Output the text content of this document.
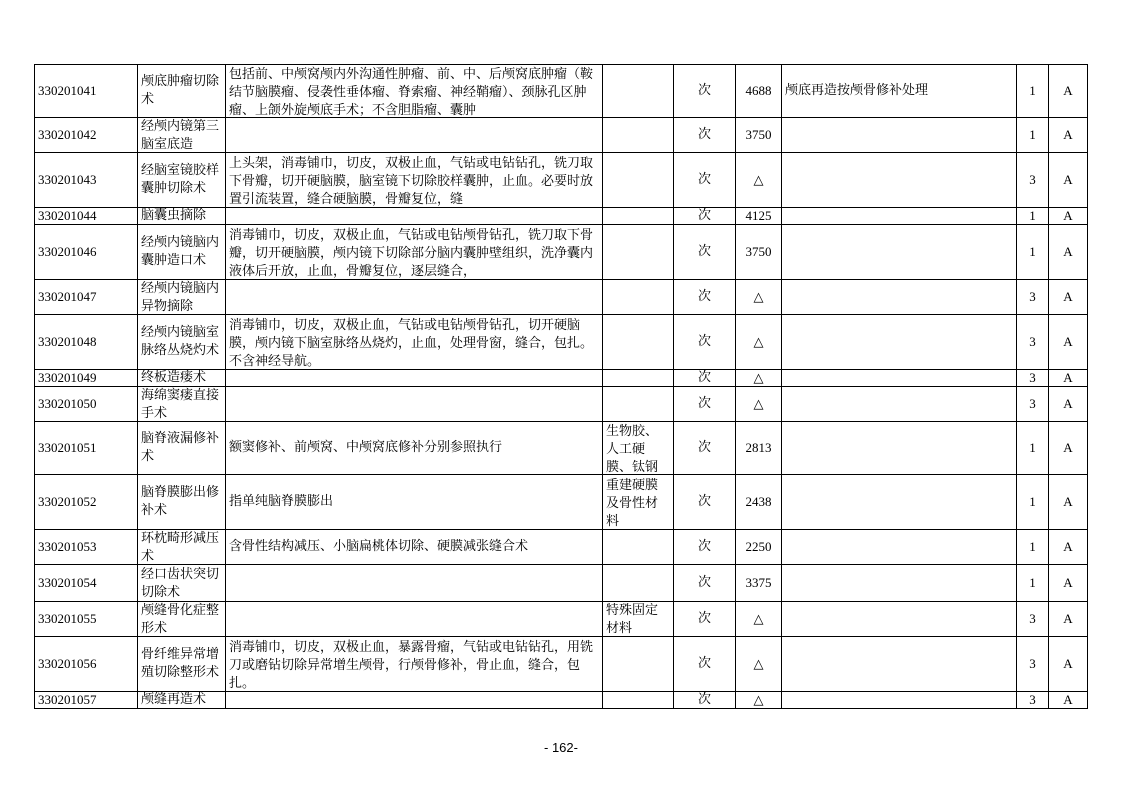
330201041	颅底肿瘤切除术	包括前、中颅窝颅内外沟通性肿瘤、前、中、后颅窝底肿瘤（鞍结节脑膜瘤、侵袭性垂体瘤、脊索瘤、神经鞘瘤）、颈脉孔区肿瘤、上颌外旋颅底手术；不含胆脂瘤、囊肿		次	4688	颅底再造按颅骨修补处理	1	A

330201042	经颅内镜第三脑室底造			次	3750		1	A

330201043	经脑室镜胶样囊肿切除术	上头架，消毒铺巾，切皮，双极止血，气钻或电钻钻孔，铣刀取下骨瓣，切开硬脑膜，脑室镜下切除胶样囊肿，止血。必要时放置引流装置，缝合硬脑膜，骨瓣复位，缝		次	△		3	A

330201044	脑囊虫摘除			次	4125		1	A

330201046	经颅内镜脑内囊肿造口术	消毒铺巾，切皮，双极止血，气钻或电钻颅骨钻孔，铣刀取下骨瓣，切开硬脑膜，颅内镜下切除部分脑内囊肿壁组织，洗净囊内液体后开放，止血，骨瓣复位，逐层缝合，		次	3750		1	A

330201047	经颅内镜脑内异物摘除			次	△		3	A

330201048	经颅内镜脑室脉络丛烧灼术	消毒铺巾，切皮，双极止血，气钻或电钻颅骨钻孔，切开硬脑膜，颅内镜下脑室脉络丛烧灼，止血，处理骨窗，缝合，包扎。不含神经导航。		次	△		3	A

330201049	终板造瘘术			次	△		3	A

330201050	海绵窦瘘直接手术			次	△		3	A

330201051	脑脊液漏修补术	额窦修补、前颅窝、中颅窝底修补分别参照执行	生物胶、人工硬膜、钛钢	次	2813		1	A

330201052	脑脊膜膨出修补术	指单纯脑脊膜膨出	重建硬膜及骨性材料	次	2438		1	A

330201053	环枕畸形减压术	含骨性结构减压、小脑扁桃体切除、硬膜减张缝合术		次	2250		1	A

330201054	经口齿状突切切除术			次	3375		1	A

330201055	颅缝骨化症整形术		特殊固定材料	次	△		3	A

330201056	骨纤维异常增殖切除整形术	消毒铺巾，切皮，双极止血，暴露骨瘤，气钻或电钻钻孔，用铣刀或磨钻切除异常增生颅骨，行颅骨修补，骨止血，缝合，包扎。		次	△		3	A

330201057	颅缝再造术			次	△		3	A
- 162-
